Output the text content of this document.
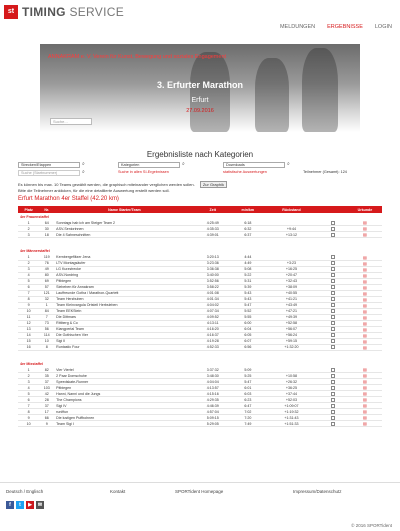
st TIMING SERVICE
MELDUNGEN ERGEBNISSE LOGIN
ANNAKRAM e. V. Verein für Kunst, Bewegung und soziales Engagement
Suche...
3. Erfurter Marathon
Erfurt
27.09.2016
Ergebnisliste nach Kategorien
Strecken/Etappen	⌕
Suche (Startnummer)	⌕
Kategorien	⌕
Suche in allen SI-Ergebnissen
Downloads	⌕
statistische Auswertungen	Teilnehmer (Gesamt): 124
Es können bis max. 10 Teams gewählt werden, die graphisch miteinander verglichen werden sollen. Zur Graphik
Bitte die Teilnehmer anklicken, für die eine detaillierte Auswertung erstellt werden soll.
Erfurt Marathon 4er Staffel (42.20 km)
Platz	Nr.	Name Starter/Team	Zeit	min/km	Rückstand		Urkunde
4er Frauenstaffel							
1	64	Sonntags hab ich am Steiger Team 2	4:25:49	6:18			▤
2	30	ASV-Seniorinnen	4:35:33	6:32	+9:44		▤
3	18	Die 4 Sahneschnitten	4:39:01	6:37	+13:12		▤

4er Männerstaffel							
1	119	Kernbergeflitzer Jena	3:20:13	4:44			▤
2	76	LTV Montagsäufer	3:23:36	4:49	+3:23		▤
3	49	LG Kurzstrecke	3:36:38	5:08	+16:25		▤
4	80	ASV-Nordring	3:40:00	5:22	+20:47		▤
5	69	Pitbiegen	3:52:56	5:31	+32:43		▤
6	57	Siebeben für Annakram	3:58:22	5:39	+38:09		▤
7	121	Lauffreunde Gotha / Marathon-Quartett	4:01:08	5:43	+40:55		▤
8	32	Team Herzbuben	4:01:34	5:43	+41:21		▤
9	1	Team Kleinvargula Ortsteil Herbsleben	4:04:02	5:47	+43:49		▤
10	84	Team EEKStein	4:07:34	5:52	+47:21		▤
11	7	Die Dittmars	4:09:52	5:55	+49:39		▤
12	73	Rittberg & Co	4:13:11	6:00	+52:58		▤
13	56	Klangperlal Team	4:16:20	6:04	+56:07		▤
14	114	Die Gothischen Vier	4:16:37	6:05	+56:24		▤
15	10	Sigi II	4:19:28	6:07	+59:15		▤
16	8	Runtastic Four	4:52:33	6:56	+1:32:20		▤

4er Mixstaffel							
1	82	Vier Viertel	3:37:32	5:09			▤
2	35	2 Paar Domschuhe	3:48:30	5:25	+10:58		▤
3	37	Speedskate-Runner	4:04:04	5:47	+26:32		▤
4	103	Pitbiegen	4:13:57	6:01	+36:25		▤
5	42	Hanni, Nanni und die Jungs	4:15:16	6:03	+37:44		▤
6	28	The Champions	4:29:35	6:23	+52:03		▤
7	37	Sigi IV	4:46:39	6:47	+1:09:07		▤
8	17	runiffun	4:57:04	7:02	+1:19:32		▤
9	66	Die lustigen Puffbohnen	5:09:15	7:20	+1:31:43		▤
10	9	Team Sigi I	5:29:05	7:49	+1:51:33		▤
Deutsch / Englisch	Kontakt	SPORTident Homepage	Impressum/Datenschutz
f	t	▶	✉
© 2016 SPORTident
